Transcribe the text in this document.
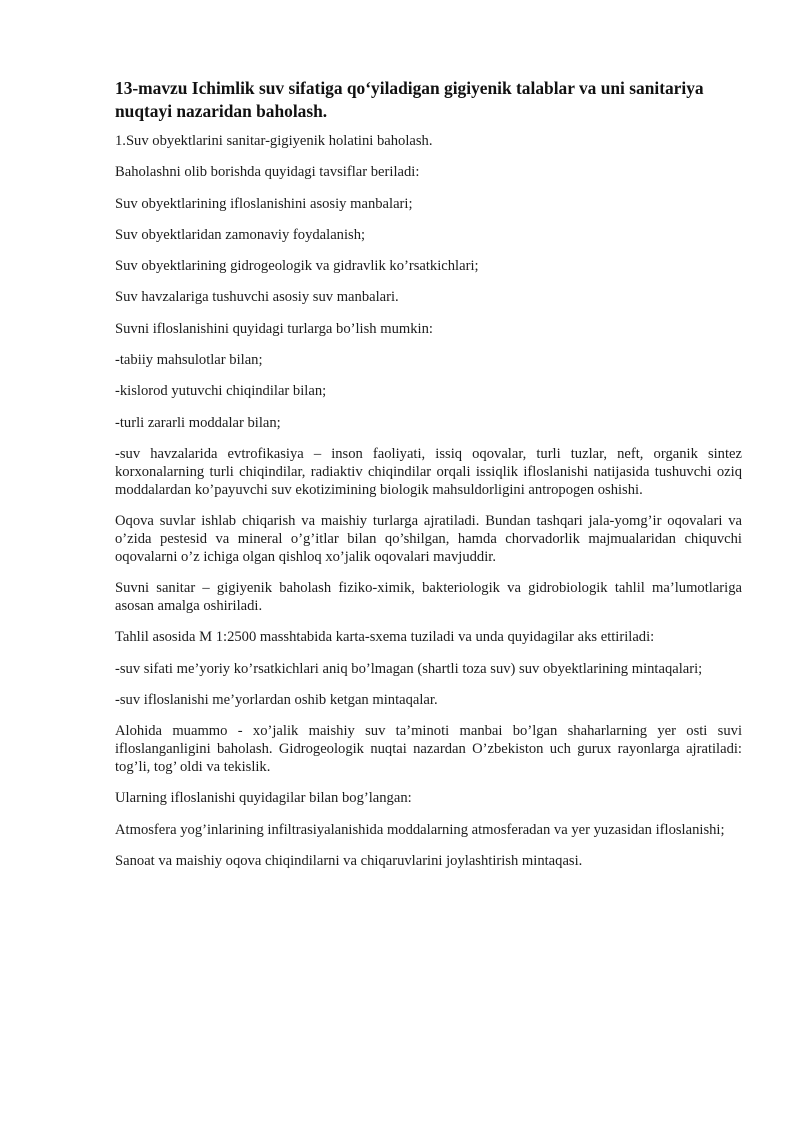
13-mavzu Ichimlik suv sifatiga qoʻyiladigan gigiyenik talablar va uni sanitariya nuqtayi nazaridan baholash.

1.Suv obyektlarini sanitar-gigiyenik holatini baholash.

Baholashni olib borishda quyidagi tavsiflar beriladi:

Suv obyektlarining ifloslanishini asosiy manbalari;

Suv obyektlaridan zamonaviy foydalanish;

Suv obyektlarining gidrogeologik va gidravlik ko’rsatkichlari;

Suv havzalariga tushuvchi asosiy suv manbalari.

Suvni ifloslanishini quyidagi turlarga bo’lish mumkin:

-tabiiy mahsulotlar bilan;

-kislorod yutuvchi chiqindilar bilan;

-turli zararli moddalar bilan;

-suv havzalarida evtrofikasiya – inson faoliyati, issiq oqovalar, turli tuzlar, neft, organik sintez korxonalarning turli chiqindilar, radiaktiv chiqindilar orqali issiqlik ifloslanishi natijasida tushuvchi oziq moddalardan ko’payuvchi suv ekotizimining biologik mahsuldorligini antropogen oshishi.

Oqova suvlar ishlab chiqarish va maishiy turlarga ajratiladi. Bundan tashqari jala-yomg’ir oqovalari va o’zida pestesid va mineral o’g’itlar bilan qo’shilgan, hamda chorvadorlik majmualaridan chiquvchi oqovalarni o’z ichiga olgan qishloq xo’jalik oqovalari mavjuddir.

Suvni sanitar – gigiyenik baholash fiziko-ximik, bakteriologik va gidrobiologik tahlil ma’lumotlariga asosan amalga oshiriladi.

Tahlil asosida M 1:2500 masshtabida karta-sxema tuziladi va unda quyidagilar aks ettiriladi:

-suv sifati me’yoriy ko’rsatkichlari aniq bo’lmagan (shartli toza suv) suv obyektlarining mintaqalari;

-suv ifloslanishi me’yorlardan oshib ketgan mintaqalar.

Alohida muammo - xo’jalik maishiy suv ta’minoti manbai bo’lgan shaharlarning yer osti suvi ifloslanganligini baholash. Gidrogeologik nuqtai nazardan O’zbekiston uch gurux rayonlarga ajratiladi: tog’li, tog’ oldi va tekislik.

Ularning ifloslanishi quyidagilar bilan bog’langan:

Atmosfera yog’inlarining infiltrasiyalanishida moddalarning atmosferadan va yer yuzasidan ifloslanishi;

Sanoat va maishiy oqova chiqindilarni va chiqaruvlarini joylashtirish mintaqasi.
